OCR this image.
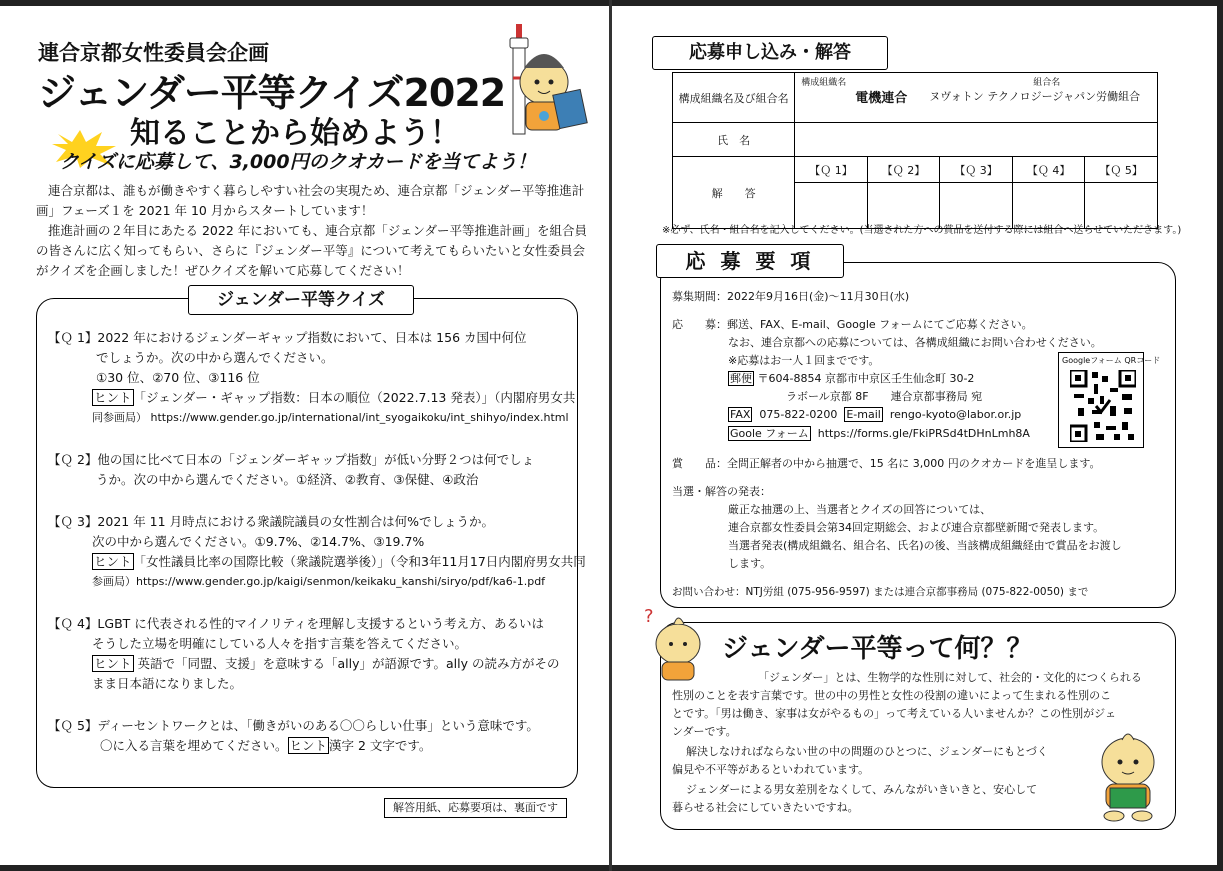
連合京都女性委員会企画
ジェンダー平等クイズ2022
知ることから始めよう！
クイズに応募して、3,000円のクオカードを当てよう！
連合京都は、誰もが働きやすく暮らしやすい社会の実現ため、連合京都「ジェンダー平等推進計
画」フェーズ１を 2021 年 10 月からスタートしています！
推進計画の２年目にあたる 2022 年においても、連合京都「ジェンダー平等推進計画」を組合員
の皆さんに広く知ってもらい、さらに『ジェンダー平等』について考えてもらいたいと女性委員会
がクイズを企画しました！ぜひクイズを解いて応募してください！
ジェンダー平等クイズ
【Ｑ 1】2022 年におけるジェンダーギャップ指数において、日本は 156 カ国中何位
でしょうか。次の中から選んでください。
①30 位、②70 位、③116 位
ヒント 「ジェンダー・ギャップ指数：日本の順位（2022.7.13 発表）」（内閣府男女共
同参画局） https://www.gender.go.jp/international/int_syogaikoku/int_shihyo/index.html
【Ｑ 2】他の国に比べて日本の「ジェンダーギャップ指数」が低い分野２つは何でしょ
うか。次の中から選んでください。①経済、②教育、③保健、④政治
【Ｑ 3】2021 年 11 月時点における衆議院議員の女性割合は何%でしょうか。
次の中から選んでください。①9.7%、②14.7%、③19.7%
ヒント 「女性議員比率の国際比較（衆議院選挙後）」（令和3年11月17日内閣府男女共同
参画局）https://www.gender.go.jp/kaigi/senmon/keikaku_kanshi/siryo/pdf/ka6-1.pdf
【Ｑ 4】LGBT に代表される性的マイノリティを理解し支援するという考え方、あるいは
そうした立場を明確にしている人々を指す言葉を答えてください。
ヒント 英語で「同盟、支援」を意味する「ally」が語源です。ally の読み方がその
まま日本語になりました。
【Ｑ 5】ディーセントワークとは、「働きがいのある〇〇らしい仕事」という意味です。
〇に入る言葉を埋めてください。 ヒント 漢字 2 文字です。
解答用紙、応募要項は、裏面です
応募申し込み・解答
構成組織名及び組合名	構成組織名
電機連合
組合名
ヌヴォトン テクノロジージャパン労働組合				

氏　名					
解　　答	【Ｑ 1】	【Ｑ 2】	【Ｑ 3】	【Ｑ 4】	【Ｑ 5】

※必ず、氏名・組合名を記入してください。(当選された方への賞品を送付する際には組合へ送らせていただきます。)
応 募 要 項
募集期間：2022年9月16日(金)～11月30日(水)
応　　募：郵送、FAX、E-mail、Google フォームにてご応募ください。
なお、連合京都への応募については、各構成組織にお問い合わせください。
※応募はお一人１回までです。
郵便 〒604-8854 京都市中京区壬生仙念町 30-2
ラボール京都 8F　　連合京都事務局 宛
FAX 075-822-0200 E-mail rengo-kyoto@labor.or.jp
Goole フォーム https://forms.gle/FkiPRSd4tDHnLmh8A
Googleフォーム QRコード
賞　　品：全問正解者の中から抽選で、15 名に 3,000 円のクオカードを進呈します。
当選・解答の発表：
厳正な抽選の上、当選者とクイズの回答については、
連合京都女性委員会第34回定期総会、および連合京都壁新聞で発表します。
当選者発表(構成組織名、組合名、氏名)の後、当該構成組織経由で賞品をお渡し
します。
お問い合わせ：NTJ労組 (075-956-9597) または連合京都事務局 (075-822-0050) まで
ジェンダー平等って何？？
?
「ジェンダー」とは、生物学的な性別に対して、社会的・文化的につくられる
性別のことを表す言葉です。世の中の男性と女性の役割の違いによって生まれる性別のこ
とです。「男は働き、家事は女がやるもの」って考えている人いませんか？この性別がジェ
ンダーです。
解決しなければならない世の中の問題のひとつに、ジェンダーにもとづく
偏見や不平等があるといわれています。
ジェンダーによる男女差別をなくして、みんながいきいきと、安心して
暮らせる社会にしていきたいですね。
